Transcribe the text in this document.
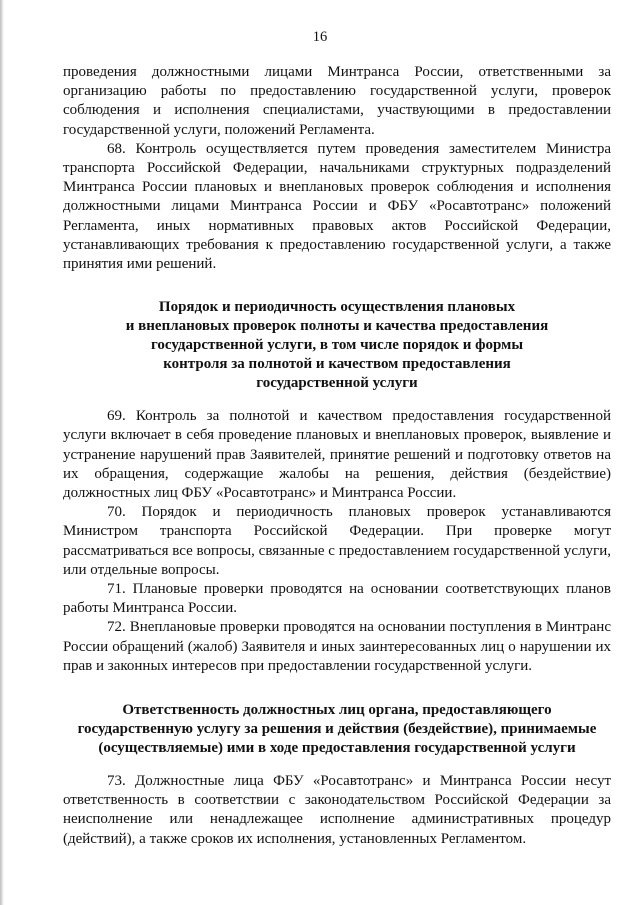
16

проведения должностными лицами Минтранса России, ответственными за организацию работы по предоставлению государственной услуги, проверок соблюдения и исполнения специалистами, участвующими в предоставлении государственной услуги, положений Регламента.

68. Контроль осуществляется путем проведения заместителем Министра транспорта Российской Федерации, начальниками структурных подразделений Минтранса России плановых и внеплановых проверок соблюдения и исполнения должностными лицами Минтранса России и ФБУ «Росавтотранс» положений Регламента, иных нормативных правовых актов Российской Федерации, устанавливающих требования к предоставлению государственной услуги, а также принятия ими решений.

Порядок и периодичность осуществления плановых
и внеплановых проверок полноты и качества предоставления
государственной услуги, в том числе порядок и формы
контроля за полнотой и качеством предоставления
государственной услуги

69. Контроль за полнотой и качеством предоставления государственной услуги включает в себя проведение плановых и внеплановых проверок, выявление и устранение нарушений прав Заявителей, принятие решений и подготовку ответов на их обращения, содержащие жалобы на решения, действия (бездействие) должностных лиц ФБУ «Росавтотранс» и Минтранса России.

70. Порядок и периодичность плановых проверок устанавливаются Министром транспорта Российской Федерации. При проверке могут рассматриваться все вопросы, связанные с предоставлением государственной услуги, или отдельные вопросы.

71. Плановые проверки проводятся на основании соответствующих планов работы Минтранса России.

72. Внеплановые проверки проводятся на основании поступления в Минтранс России обращений (жалоб) Заявителя и иных заинтересованных лиц о нарушении их прав и законных интересов при предоставлении государственной услуги.

Ответственность должностных лиц органа, предоставляющего
государственную услугу за решения и действия (бездействие), принимаемые
(осуществляемые) ими в ходе предоставления государственной услуги

73. Должностные лица ФБУ «Росавтотранс» и Минтранса России несут ответственность в соответствии с законодательством Российской Федерации за неисполнение или ненадлежащее исполнение административных процедур (действий), а также сроков их исполнения, установленных Регламентом.
